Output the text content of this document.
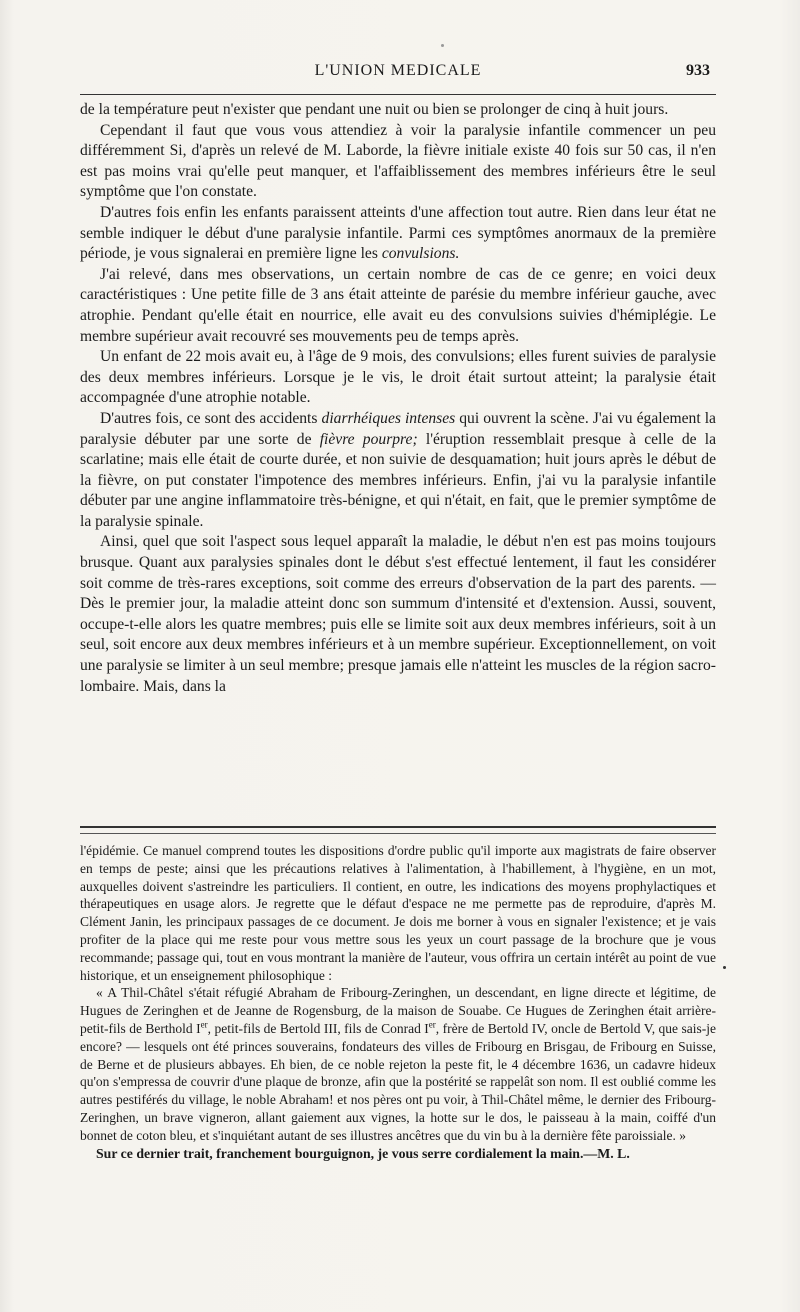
L'UNION MEDICALE	933

de la température peut n'exister que pendant une nuit ou bien se prolonger de cinq à huit jours.

Cependant il faut que vous vous attendiez à voir la paralysie infantile commencer un peu différemment Si, d'après un relevé de M. Laborde, la fièvre initiale existe 40 fois sur 50 cas, il n'en est pas moins vrai qu'elle peut manquer, et l'affaiblissement des membres inférieurs être le seul symptôme que l'on constate.

D'autres fois enfin les enfants paraissent atteints d'une affection tout autre. Rien dans leur état ne semble indiquer le début d'une paralysie infantile. Parmi ces symptômes anormaux de la première période, je vous signalerai en première ligne les convulsions.

J'ai relevé, dans mes observations, un certain nombre de cas de ce genre; en voici deux caractéristiques : Une petite fille de 3 ans était atteinte de parésie du membre inférieur gauche, avec atrophie. Pendant qu'elle était en nourrice, elle avait eu des convulsions suivies d'hémiplégie. Le membre supérieur avait recouvré ses mouvements peu de temps après.

Un enfant de 22 mois avait eu, à l'âge de 9 mois, des convulsions; elles furent suivies de paralysie des deux membres inférieurs. Lorsque je le vis, le droit était surtout atteint; la paralysie était accompagnée d'une atrophie notable.

D'autres fois, ce sont des accidents diarrhéiques intenses qui ouvrent la scène. J'ai vu également la paralysie débuter par une sorte de fièvre pourpre; l'éruption ressemblait presque à celle de la scarlatine; mais elle était de courte durée, et non suivie de desquamation; huit jours après le début de la fièvre, on put constater l'impotence des membres inférieurs. Enfin, j'ai vu la paralysie infantile débuter par une angine inflammatoire très-bénigne, et qui n'était, en fait, que le premier symptôme de la paralysie spinale.

Ainsi, quel que soit l'aspect sous lequel apparaît la maladie, le début n'en est pas moins toujours brusque. Quant aux paralysies spinales dont le début s'est effectué lentement, il faut les considérer soit comme de très-rares exceptions, soit comme des erreurs d'observation de la part des parents. — Dès le premier jour, la maladie atteint donc son summum d'intensité et d'extension. Aussi, souvent, occupe-t-elle alors les quatre membres; puis elle se limite soit aux deux membres inférieurs, soit à un seul, soit encore aux deux membres inférieurs et à un membre supérieur. Exceptionnellement, on voit une paralysie se limiter à un seul membre; presque jamais elle n'atteint les muscles de la région sacro-lombaire. Mais, dans la

l'épidémie. Ce manuel comprend toutes les dispositions d'ordre public qu'il importe aux magistrats de faire observer en temps de peste; ainsi que les précautions relatives à l'alimentation, à l'habillement, à l'hygiène, en un mot, auxquelles doivent s'astreindre les particuliers. Il contient, en outre, les indications des moyens prophylactiques et thérapeutiques en usage alors. Je regrette que le défaut d'espace ne me permette pas de reproduire, d'après M. Clément Janin, les principaux passages de ce document. Je dois me borner à vous en signaler l'existence; et je vais profiter de la place qui me reste pour vous mettre sous les yeux un court passage de la brochure que je vous recommande; passage qui, tout en vous montrant la manière de l'auteur, vous offrira un certain intérêt au point de vue historique, et un enseignement philosophique :

« A Thil-Châtel s'était réfugié Abraham de Fribourg-Zeringhen, un descendant, en ligne directe et légitime, de Hugues de Zeringhen et de Jeanne de Rogensburg, de la maison de Souabe. Ce Hugues de Zeringhen était arrière-petit-fils de Berthold Ier, petit-fils de Bertold III, fils de Conrad Ier, frère de Bertold IV, oncle de Bertold V, que sais-je encore? — lesquels ont été princes souverains, fondateurs des villes de Fribourg en Brisgau, de Fribourg en Suisse, de Berne et de plusieurs abbayes. Eh bien, de ce noble rejeton la peste fit, le 4 décembre 1636, un cadavre hideux qu'on s'empressa de couvrir d'une plaque de bronze, afin que la postérité se rappelât son nom. Il est oublié comme les autres pestiférés du village, le noble Abraham! et nos pères ont pu voir, à Thil-Châtel même, le dernier des Fribourg-Zeringhen, un brave vigneron, allant gaiement aux vignes, la hotte sur le dos, le paisseau à la main, coiffé d'un bonnet de coton bleu, et s'inquiétant autant de ses illustres ancêtres que du vin bu à la dernière fête paroissiale. »

Sur ce dernier trait, franchement bourguignon, je vous serre cordialement la main.—M. L.
